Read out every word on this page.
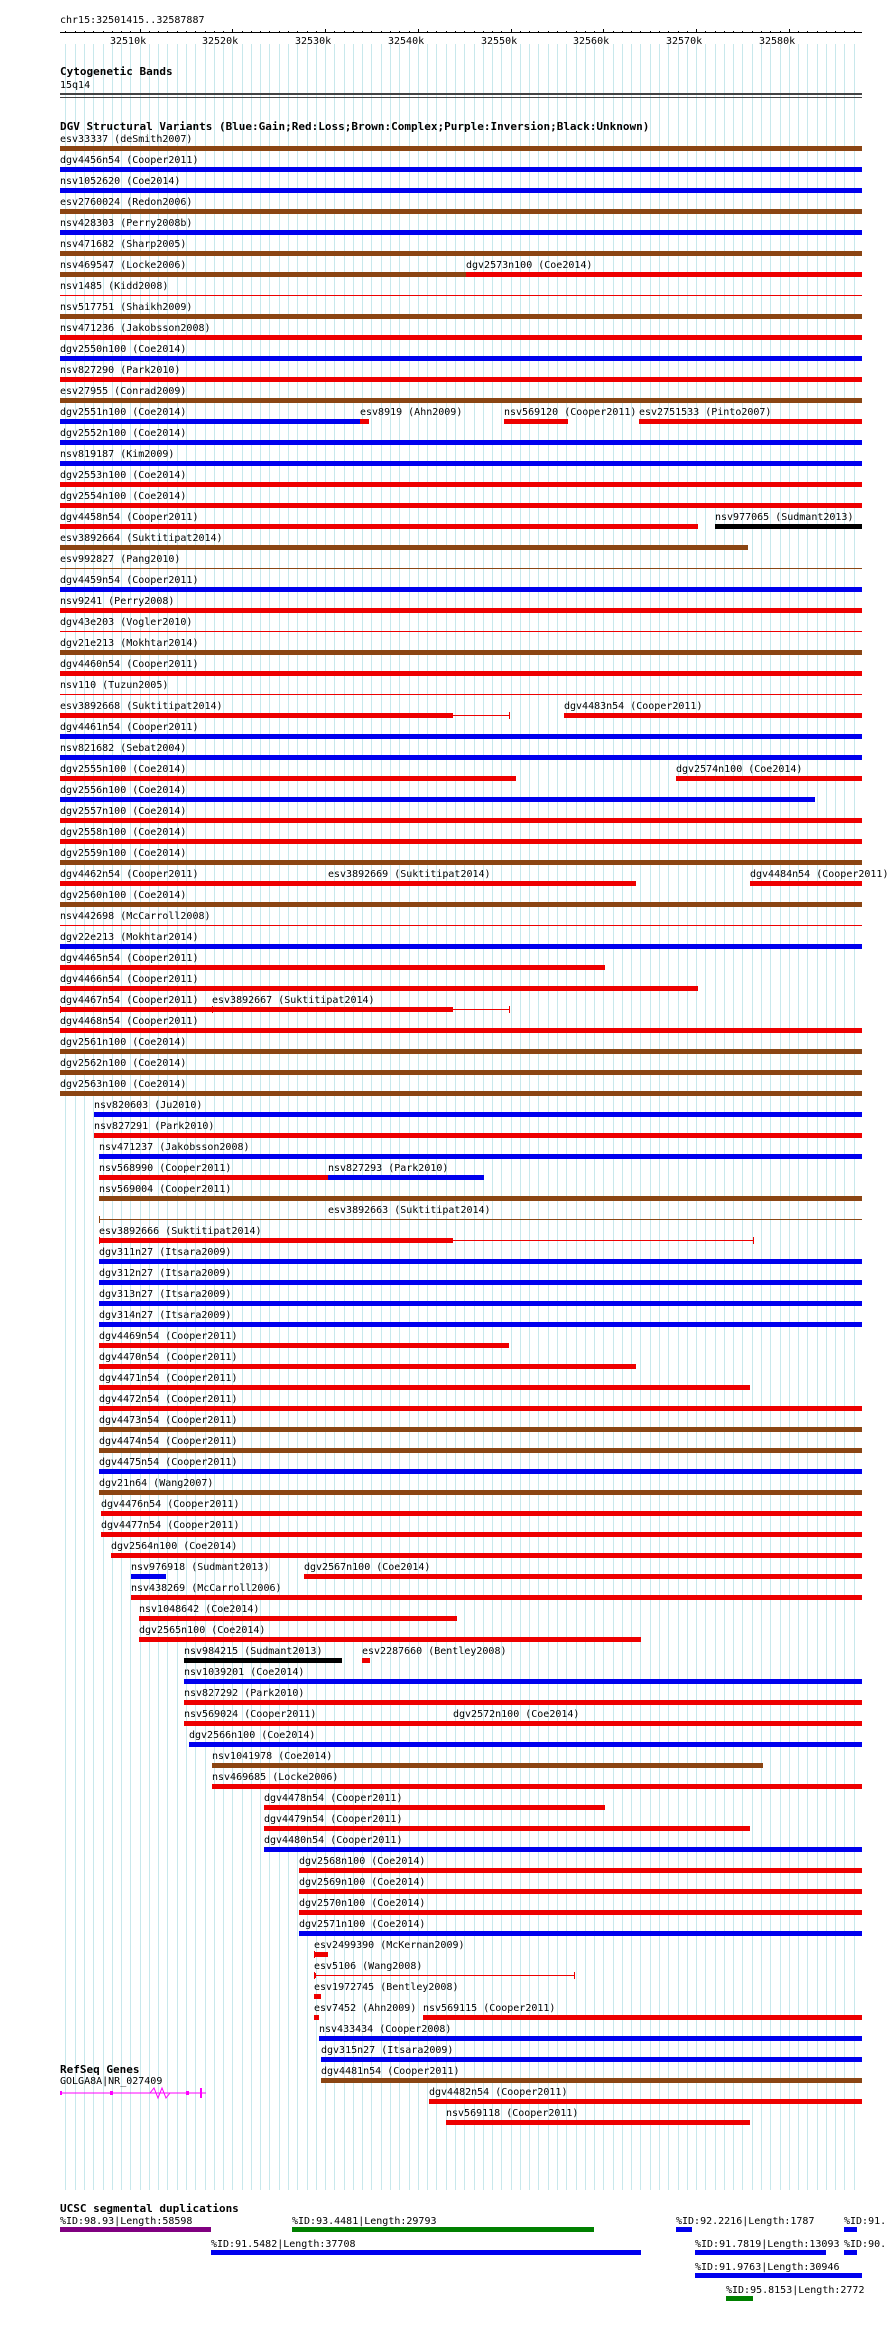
chr15:32501415..32587887
32510k	32520k	32530k	32540k	32550k	32560k	32570k	32580k
Cytogenetic Bands
15q14
DGV Structural Variants (Blue:Gain;Red:Loss;Brown:Complex;Purple:Inversion;Black:Unknown)
esv33337 (deSmith2007)
dgv4456n54 (Cooper2011)
nsv1052620 (Coe2014)
esv2760024 (Redon2006)
nsv428303 (Perry2008b)
nsv471682 (Sharp2005)
nsv469547 (Locke2006)	dgv2573n100 (Coe2014)
nsv1485 (Kidd2008)
nsv517751 (Shaikh2009)
nsv471236 (Jakobsson2008)
dgv2550n100 (Coe2014)
nsv827290 (Park2010)
esv27955 (Conrad2009)
dgv2551n100 (Coe2014)	esv8919 (Ahn2009)	nsv569120 (Cooper2011) esv2751533 (Pinto2007)
dgv2552n100 (Coe2014)
nsv819187 (Kim2009)
dgv2553n100 (Coe2014)
dgv2554n100 (Coe2014)
dgv4458n54 (Cooper2011)	nsv977065 (Sudmant2013)
esv3892664 (Suktitipat2014)
esv992827 (Pang2010)
dgv4459n54 (Cooper2011)
nsv9241 (Perry2008)
dgv43e203 (Vogler2010)
dgv21e213 (Mokhtar2014)
dgv4460n54 (Cooper2011)
nsv110 (Tuzun2005)
esv3892668 (Suktitipat2014)	dgv4483n54 (Cooper2011)
dgv4461n54 (Cooper2011)
nsv821682 (Sebat2004)
dgv2555n100 (Coe2014)	dgv2574n100 (Coe2014)
dgv2556n100 (Coe2014)
dgv2557n100 (Coe2014)
dgv2558n100 (Coe2014)
dgv2559n100 (Coe2014)
dgv4462n54 (Cooper2011)	esv3892669 (Suktitipat2014)	dgv4484n54 (Cooper2011)
dgv2560n100 (Coe2014)
nsv442698 (McCarroll2008)
dgv22e213 (Mokhtar2014)
dgv4465n54 (Cooper2011)
dgv4466n54 (Cooper2011)
dgv4467n54 (Cooper2011) esv3892667 (Suktitipat2014)
dgv4468n54 (Cooper2011)
dgv2561n100 (Coe2014)
dgv2562n100 (Coe2014)
dgv2563n100 (Coe2014)
nsv820603 (Ju2010)
nsv827291 (Park2010)
nsv471237 (Jakobsson2008)
nsv568990 (Cooper2011)	nsv827293 (Park2010)
nsv569004 (Cooper2011)
esv3892663 (Suktitipat2014)
esv3892666 (Suktitipat2014)
dgv311n27 (Itsara2009)
dgv312n27 (Itsara2009)
dgv313n27 (Itsara2009)
dgv314n27 (Itsara2009)
dgv4469n54 (Cooper2011)
dgv4470n54 (Cooper2011)
dgv4471n54 (Cooper2011)
dgv4472n54 (Cooper2011)
dgv4473n54 (Cooper2011)
dgv4474n54 (Cooper2011)
dgv4475n54 (Cooper2011)
dgv21n64 (Wang2007)
dgv4476n54 (Cooper2011)
dgv4477n54 (Cooper2011)
dgv2564n100 (Coe2014)
nsv976918 (Sudmant2013)	dgv2567n100 (Coe2014)
nsv438269 (McCarroll2006)
nsv1048642 (Coe2014)
dgv2565n100 (Coe2014)
nsv984215 (Sudmant2013)	esv2287660 (Bentley2008)
nsv1039201 (Coe2014)
nsv827292 (Park2010)
nsv569024 (Cooper2011)	dgv2572n100 (Coe2014)
dgv2566n100 (Coe2014)
nsv1041978 (Coe2014)
nsv469685 (Locke2006)
dgv4478n54 (Cooper2011)
dgv4479n54 (Cooper2011)
dgv4480n54 (Cooper2011)
dgv2568n100 (Coe2014)
dgv2569n100 (Coe2014)
dgv2570n100 (Coe2014)
dgv2571n100 (Coe2014)
esv2499390 (McKernan2009)
esv5106 (Wang2008)
esv1972745 (Bentley2008)
esv7452 (Ahn2009) nsv569115 (Cooper2011)
nsv433434 (Cooper2008)
dgv315n27 (Itsara2009)
dgv4481n54 (Cooper2011)
dgv4482n54 (Cooper2011)
nsv569118 (Cooper2011)
RefSeq Genes
GOLGA8A|NR_027409
UCSC segmental duplications
%ID:98.93|Length:58598	%ID:93.4481|Length:29793	%ID:92.2216|Length:1787	%ID:91.
%ID:91.5482|Length:37708	%ID:91.7819|Length:13093 %ID:90.
%ID:91.9763|Length:30946
%ID:95.8153|Length:2772
